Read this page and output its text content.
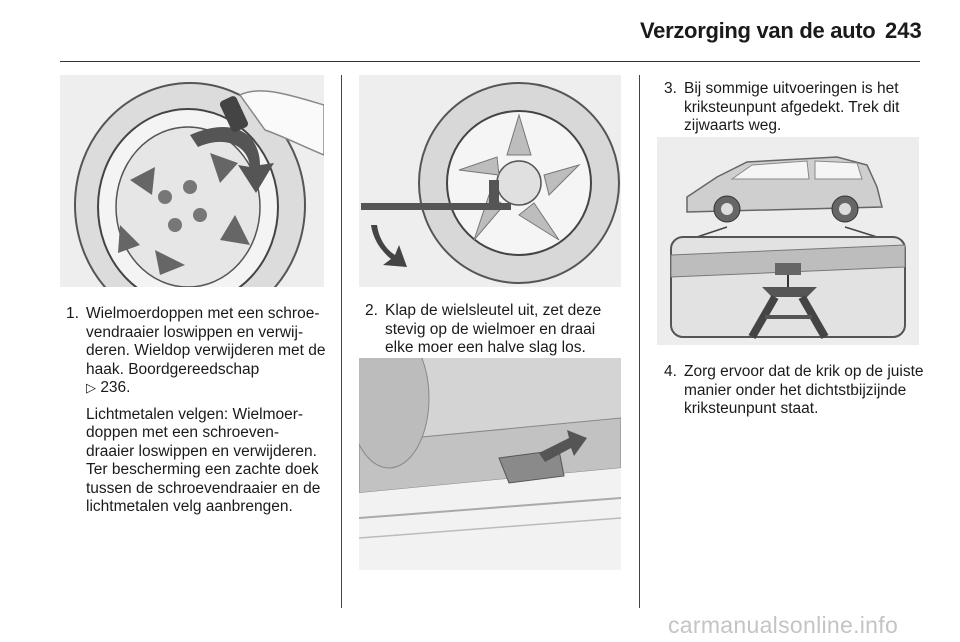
Verzorging van de auto 243
1. Wielmoerdoppen met een schroe-vendraaier loswippen en verwij-deren. Wieldop verwijderen met de haak. Boordgereedschap
▷ 236.

Lichtmetalen velgen: Wielmoer-doppen met een schroeven-draaier loswippen en verwijderen. Ter bescherming een zachte doek tussen de schroevendraaier en de lichtmetalen velg aanbrengen.

2. Klap de wielsleutel uit, zet deze stevig op de wielmoer en draai elke moer een halve slag los.

3. Bij sommige uitvoeringen is het kriksteunpunt afgedekt. Trek dit zijwaarts weg.

4. Zorg ervoor dat de krik op de juiste manier onder het dichtstbijzijnde kriksteunpunt staat.

carmanualsonline.info
